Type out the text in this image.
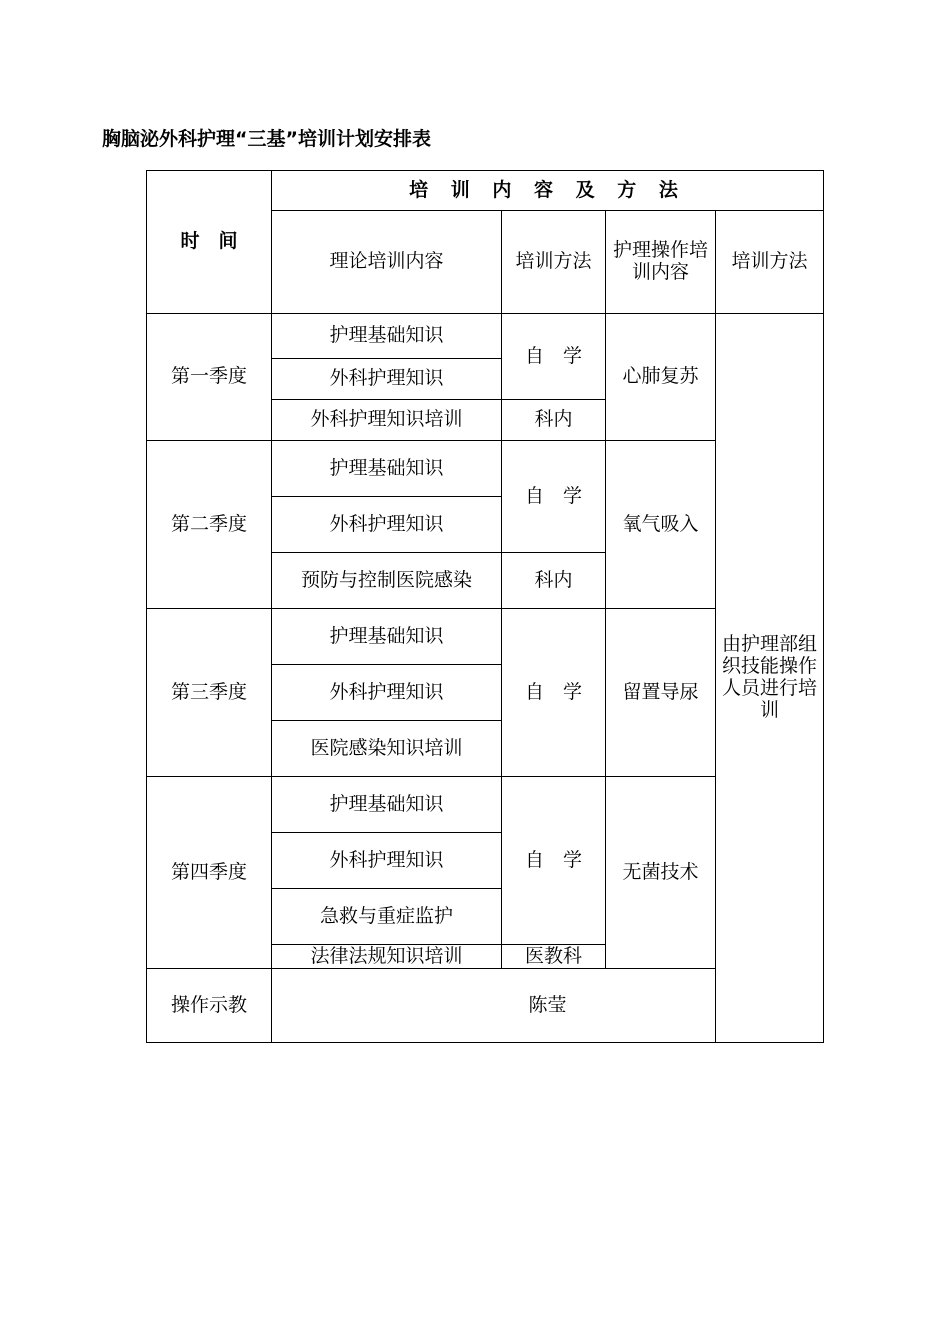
胸脑泌外科护理“三基”培训计划安排表
时　间	培 训 内 容 及 方 法			
	理论培训内容	培训方法	护理操作培训内容	培训方法
第一季度	护理基础知识	自　学	心肺复苏	由护理部组织技能操作人员进行培训
	外科护理知识			
	外科护理知识培训	科内		
第二季度	护理基础知识	自　学	氧气吸入	
	外科护理知识			
	预防与控制医院感染	科内		
第三季度	护理基础知识	自　学	留置导尿	
	外科护理知识			
	医院感染知识培训			
第四季度	护理基础知识	自　学	无菌技术	
	外科护理知识			
	急救与重症监护			
	法律法规知识培训	医教科		
操作示教	陈莹			
